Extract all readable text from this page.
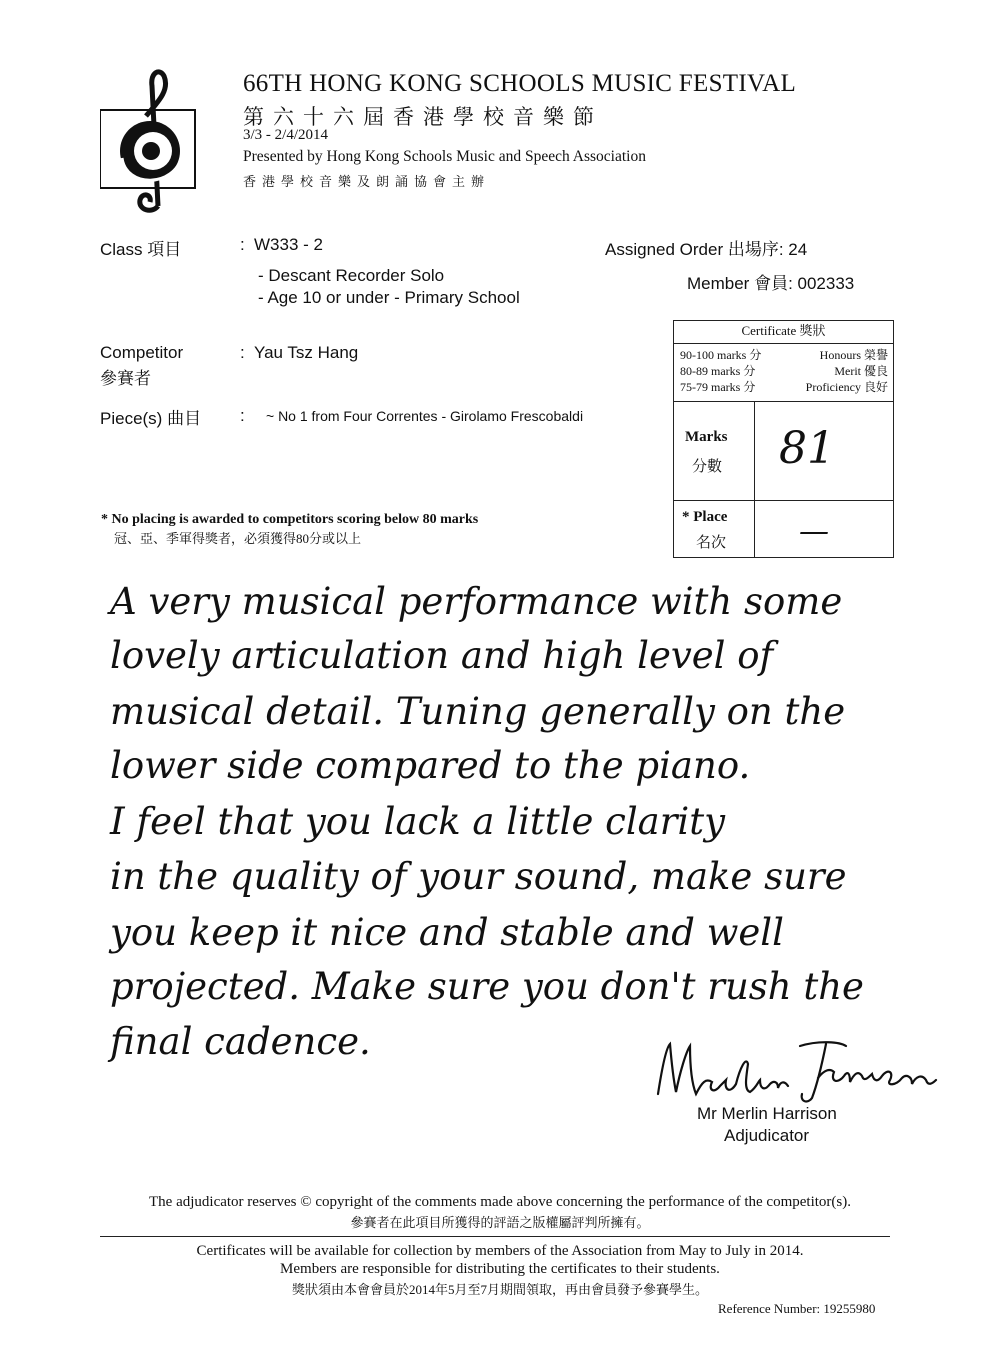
66TH HONG KONG SCHOOLS MUSIC FESTIVAL
第六十六屆香港學校音樂節
3/3 - 2/4/2014
Presented by Hong Kong Schools Music and Speech Association
香港學校音樂及朗誦協會主辦
Class 項目	: W333 - 2
- Descant Recorder Solo
- Age 10 or under - Primary School
Assigned Order 出場序: 24
Member 會員: 002333
Competitor
參賽者
: Yau Tsz Hang
Piece(s) 曲目 : ~ No 1 from Four Correntes - Girolamo Frescobaldi
* No placing is awarded to competitors scoring below 80 marks
冠、亞、季軍得獎者，必須獲得80分或以上
Certificate 獎狀
90-100 marks 分	Honours 榮譽
80-89 marks 分	Merit 優良
75-79 marks 分	Proficiency 良好
Marks
分數 81
* Place
名次 —
A very musical performance with some
lovely articulation and high level of
musical detail. Tuning generally on the
lower side compared to the piano.
I feel that you lack a little clarity
in the quality of your sound, make sure
you keep it nice and stable and well
projected. Make sure you don't rush the
final cadence.
Mr Merlin Harrison
Adjudicator
The adjudicator reserves © copyright of the comments made above concerning the performance of the competitor(s).
參賽者在此項目所獲得的評語之版權屬評判所擁有。
Certificates will be available for collection by members of the Association from May to July in 2014.
Members are responsible for distributing the certificates to their students.
獎狀須由本會會員於2014年5月至7月期間領取，再由會員發予參賽學生。
Reference Number: 19255980
